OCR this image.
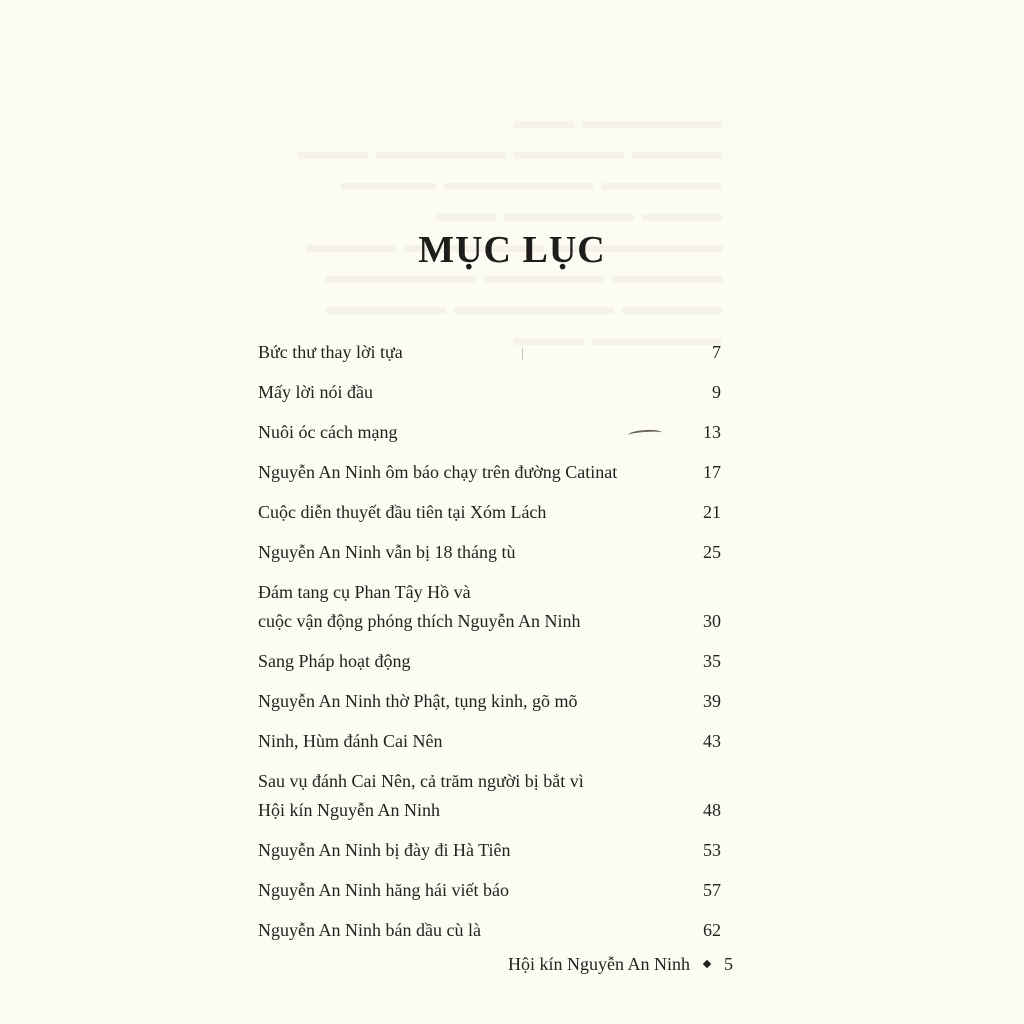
MỤC LỤC
Bức thư thay lời tựa	7
Mấy lời nói đầu	9
Nuôi óc cách mạng	13
Nguyễn An Ninh ôm báo chạy trên đường Catinat	17
Cuộc diễn thuyết đầu tiên tại Xóm Lách	21
Nguyễn An Ninh vẫn bị 18 tháng tù	25
Đám tang cụ Phan Tây Hồ và
cuộc vận động phóng thích Nguyễn An Ninh	30
Sang Pháp hoạt động	35
Nguyễn An Ninh thờ Phật, tụng kinh, gõ mõ	39
Ninh, Hùm đánh Cai Nên	43
Sau vụ đánh Cai Nên, cả trăm người bị bắt vì
Hội kín Nguyễn An Ninh	48
Nguyễn An Ninh bị đày đi Hà Tiên	53
Nguyễn An Ninh hăng hái viết báo	57
Nguyễn An Ninh bán dầu cù là	62
Hội kín Nguyễn An Ninh 5
